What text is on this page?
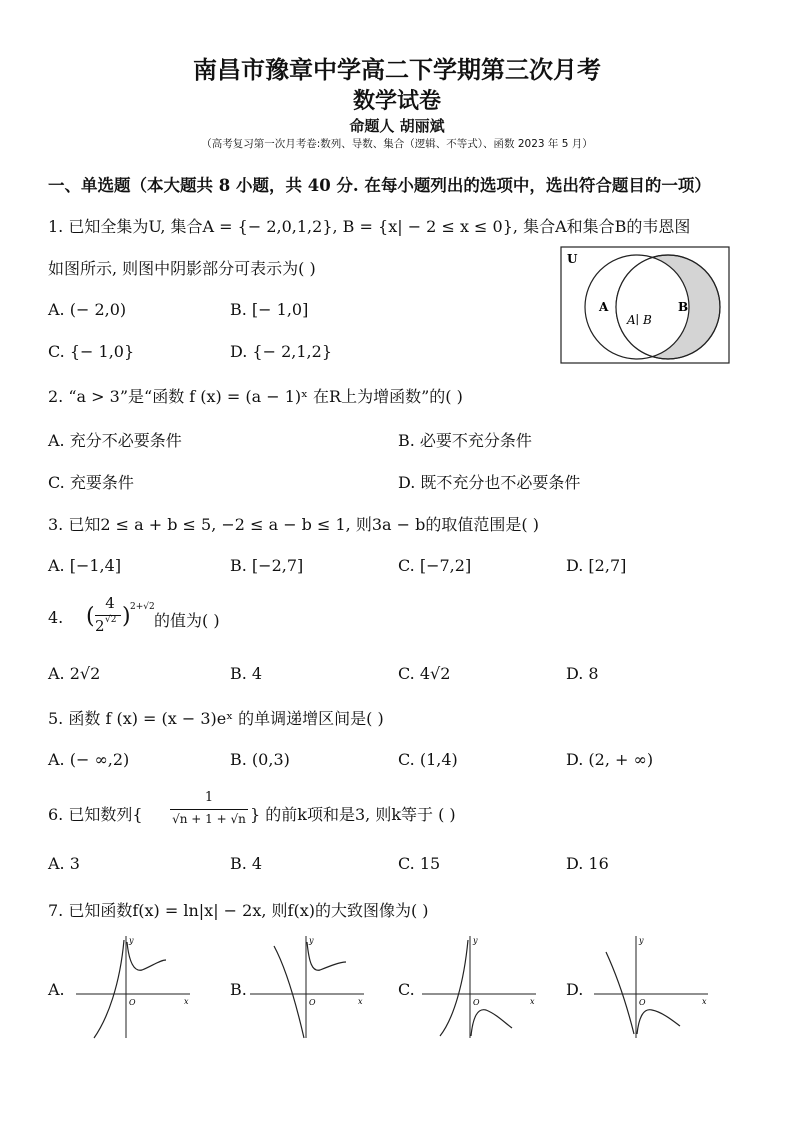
南昌市豫章中学高二下学期第三次月考
数学试卷
命题人 胡丽斌
（高考复习第一次月考卷:数列、导数、集合（逻辑、不等式）、函数 2023 年 5 月）
一、单选题（本大题共 8 小题，共 40 分. 在每小题列出的选项中，选出符合题目的一项）
1. 已知全集为U, 集合A = {− 2,0,1,2}, B = {x| − 2 ≤ x ≤ 0}, 集合A和集合B的韦恩图
如图所示, 则图中阴影部分可表示为( )
A. (− 2,0)	B. [− 1,0]
C. {− 1,0}	D. {− 2,1,2}
U
A	B
A∣ B
2. “a > 3”是“函数 f (x) = (a − 1)ˣ 在R上为增函数”的( )
A. 充分不必要条件	B. 必要不充分条件
C. 充要条件	D. 既不充分也不必要条件
3. 已知2 ≤ a + b ≤ 5, −2 ≤ a − b ≤ 1, 则3a − b的取值范围是( )
A. [−1,4]	B. [−2,7]	C. [−7,2]	D. [2,7]
4. (
4
2 √2 ) 2+√2
的值为( )
A. 2√2	B. 4	C. 4√2	D. 8
5. 函数 f (x) = (x − 3)eˣ 的单调递增区间是( )
A. (− ∞,2)	B. (0,3)	C. (1,4)	D. (2, + ∞)
6. 已知数列{
1
√n + 1 + √n } 的前k项和是3, 则k等于 ( )
A. 3	B. 4	C. 15	D. 16
7. 已知函数f(x) = ln|x| − 2x, 则f(x)的大致图像为( )
A.	B.	C.	D.
x
y
O	x
y
O	x
y
O	x
y
O
